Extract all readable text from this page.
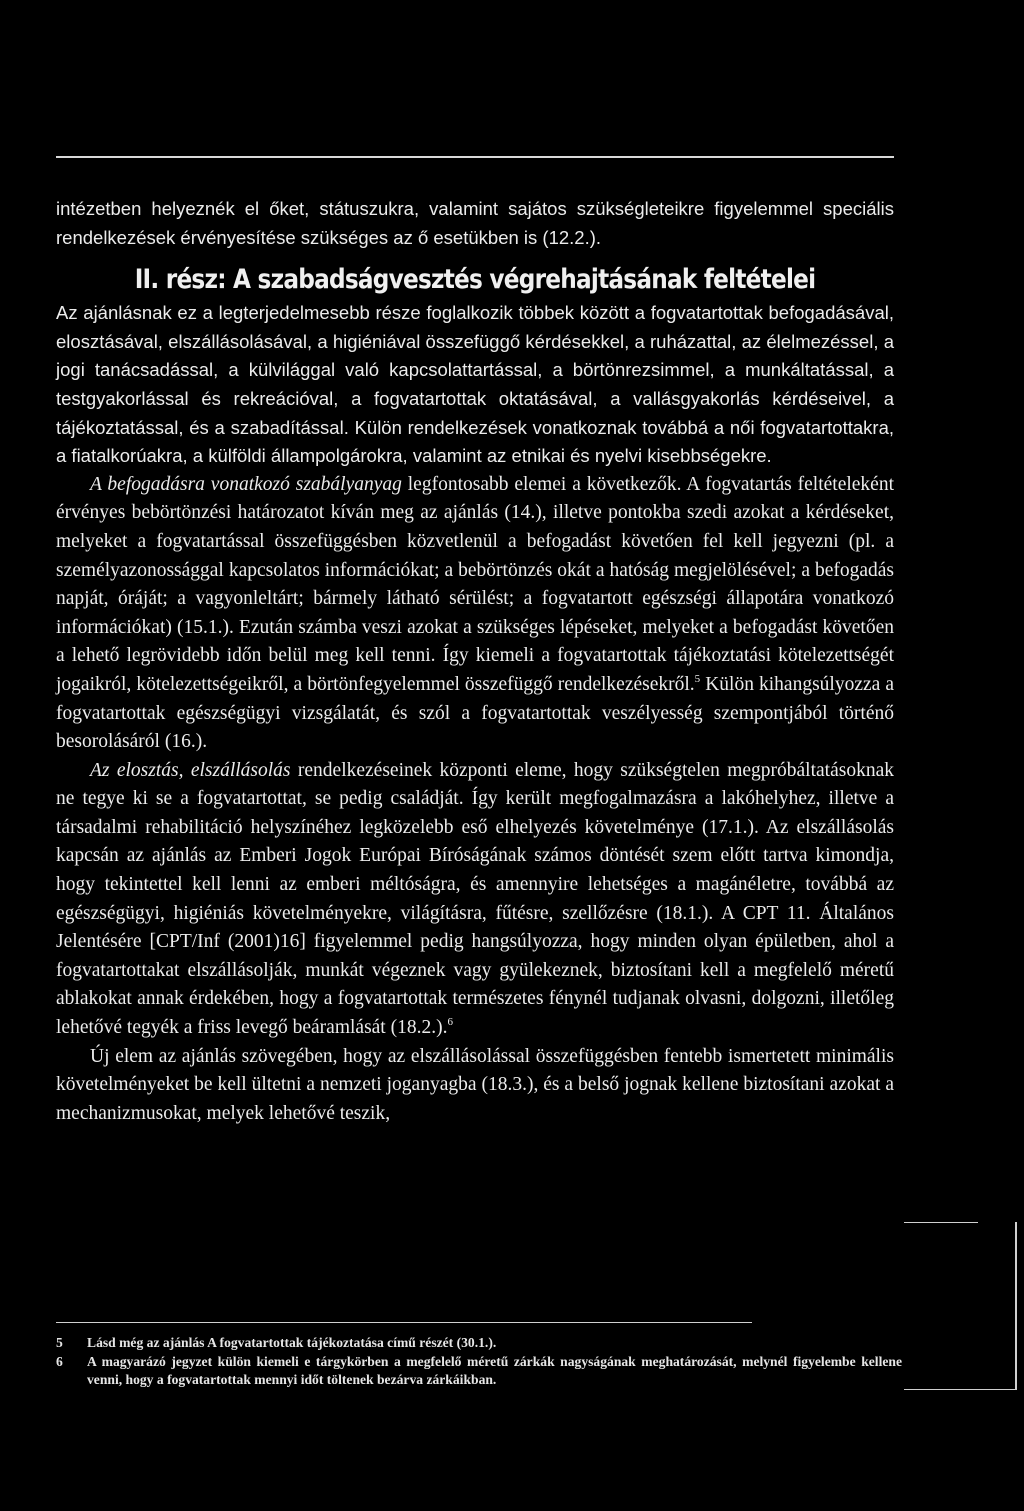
intézetben helyeznék el őket, státuszukra, valamint sajátos szükségleteikre figyelemmel speciális rendelkezések érvényesítése szükséges az ő esetükben is (12.2.).

II. rész: A szabadságvesztés végrehajtásának feltételei

Az ajánlásnak ez a legterjedelmesebb része foglalkozik többek között a fogvatartottak befogadásával, elosztásával, elszállásolásával, a higiéniával összefüggő kérdésekkel, a ruházattal, az élelmezéssel, a jogi tanácsadással, a külvilággal való kapcsolattartással, a börtönrezsimmel, a munkáltatással, a testgyakorlással és rekreációval, a fogvatartottak oktatásával, a vallásgyakorlás kérdéseivel, a tájékoztatással, és a szabadítással. Külön rendelkezések vonatkoznak továbbá a női fogvatartottakra, a fiatalkorúakra, a külföldi állampolgárokra, valamint az etnikai és nyelvi kisebbségekre.

A befogadásra vonatkozó szabályanyag legfontosabb elemei a következők. A fogvatartás feltételeként érvényes bebörtönzési határozatot kíván meg az ajánlás (14.), illetve pontokba szedi azokat a kérdéseket, melyeket a fogvatartással összefüggésben közvetlenül a befogadást követően fel kell jegyezni (pl. a személyazonossággal kapcsolatos információkat; a bebörtönzés okát a hatóság megjelölésével; a befogadás napját, óráját; a vagyonleltárt; bármely látható sérülést; a fogvatartott egészségi állapotára vonatkozó információkat) (15.1.). Ezután számba veszi azokat a szükséges lépéseket, melyeket a befogadást követően a lehető legrövidebb időn belül meg kell tenni. Így kiemeli a fogvatartottak tájékoztatási kötelezettségét jogaikról, kötelezettségeikről, a börtönfegyelemmel összefüggő rendelkezésekről.$^5$ Külön kihangsúlyozza a fogvatartottak egészségügyi vizsgálatát, és szól a fogvatartottak veszélyesség szempontjából történő besorolásáról (16.).

Az elosztás, elszállásolás rendelkezéseinek központi eleme, hogy szükségtelen megpróbáltatásoknak ne tegye ki se a fogvatartottat, se pedig családját. Így került megfogalmazásra a lakóhelyhez, illetve a társadalmi rehabilitáció helyszínéhez legközelebb eső elhelyezés követelménye (17.1.). Az elszállásolás kapcsán az ajánlás az Emberi Jogok Európai Bíróságának számos döntését szem előtt tartva kimondja, hogy tekintettel kell lenni az emberi méltóságra, és amennyire lehetséges a magánéletre, továbbá az egészségügyi, higiéniás követelményekre, világításra, fűtésre, szellőzésre (18.1.). A CPT 11. Általános Jelentésére [CPT/Inf (2001)16] figyelemmel pedig hangsúlyozza, hogy minden olyan épületben, ahol a fogvatartottakat elszállásolják, munkát végeznek vagy gyülekeznek, biztosítani kell a megfelelő méretű ablakokat annak érdekében, hogy a fogvatartottak természetes fénynél tudjanak olvasni, dolgozni, illetőleg lehetővé tegyék a friss levegő beáramlását (18.2.).$^6$

Új elem az ajánlás szövegében, hogy az elszállásolással összefüggésben fentebb ismertetett minimális követelményeket be kell ültetni a nemzeti joganyagba (18.3.), és a belső jognak kellene biztosítani azokat a mechanizmusokat, melyek lehetővé teszik,

5	Lásd még az ajánlás A fogvatartottak tájékoztatása című részét (30.1.).
6	A magyarázó jegyzet külön kiemeli e tárgykörben a megfelelő méretű zárkák nagyságának meghatározását, melynél figyelembe kellene venni, hogy a fogvatartottak mennyi időt töltenek bezárva zárkáikban.
